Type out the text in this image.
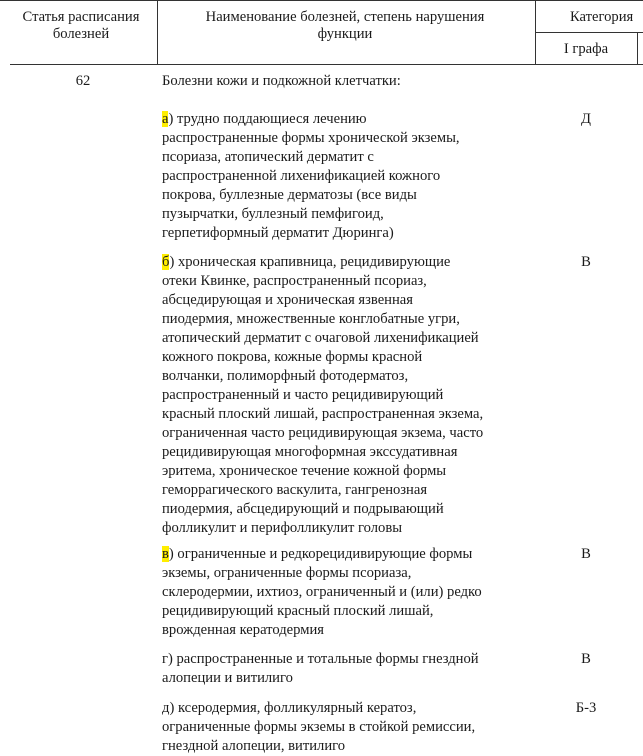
Статья расписания болезней
Наименование болезней, степень нарушения функции
Категория
I графа
62	Болезни кожи и подкожной клетчатки:
а) трудно поддающиеся лечению
распространенные формы хронической экземы,
псориаза, атопический дерматит с
распространенной лихенификацией кожного
покрова, буллезные дерматозы (все виды
пузырчатки, буллезный пемфигоид,
герпетиформный дерматит Дюринга)
Д
б) хроническая крапивница, рецидивирующие
отеки Квинке, распространенный псориаз,
абсцедирующая и хроническая язвенная
пиодермия, множественные конглобатные угри,
атопический дерматит с очаговой лихенификацией
кожного покрова, кожные формы красной
волчанки, полиморфный фотодерматоз,
распространенный и часто рецидивирующий
красный плоский лишай, распространенная экзема,
ограниченная часто рецидивирующая экзема, часто
рецидивирующая многоформная экссудативная
эритема, хроническое течение кожной формы
геморрагического васкулита, гангренозная
пиодермия, абсцедирующий и подрывающий
фолликулит и перифолликулит головы
В
в) ограниченные и редкорецидивирующие формы
экземы, ограниченные формы псориаза,
склеродермии, ихтиоз, ограниченный и (или) редко
рецидивирующий красный плоский лишай,
врожденная кератодермия
В
г) распространенные и тотальные формы гнездной
алопеции и витилиго
В
д) ксеродермия, фолликулярный кератоз,
ограниченные формы экземы в стойкой ремиссии,
гнездной алопеции, витилиго
Б-3
